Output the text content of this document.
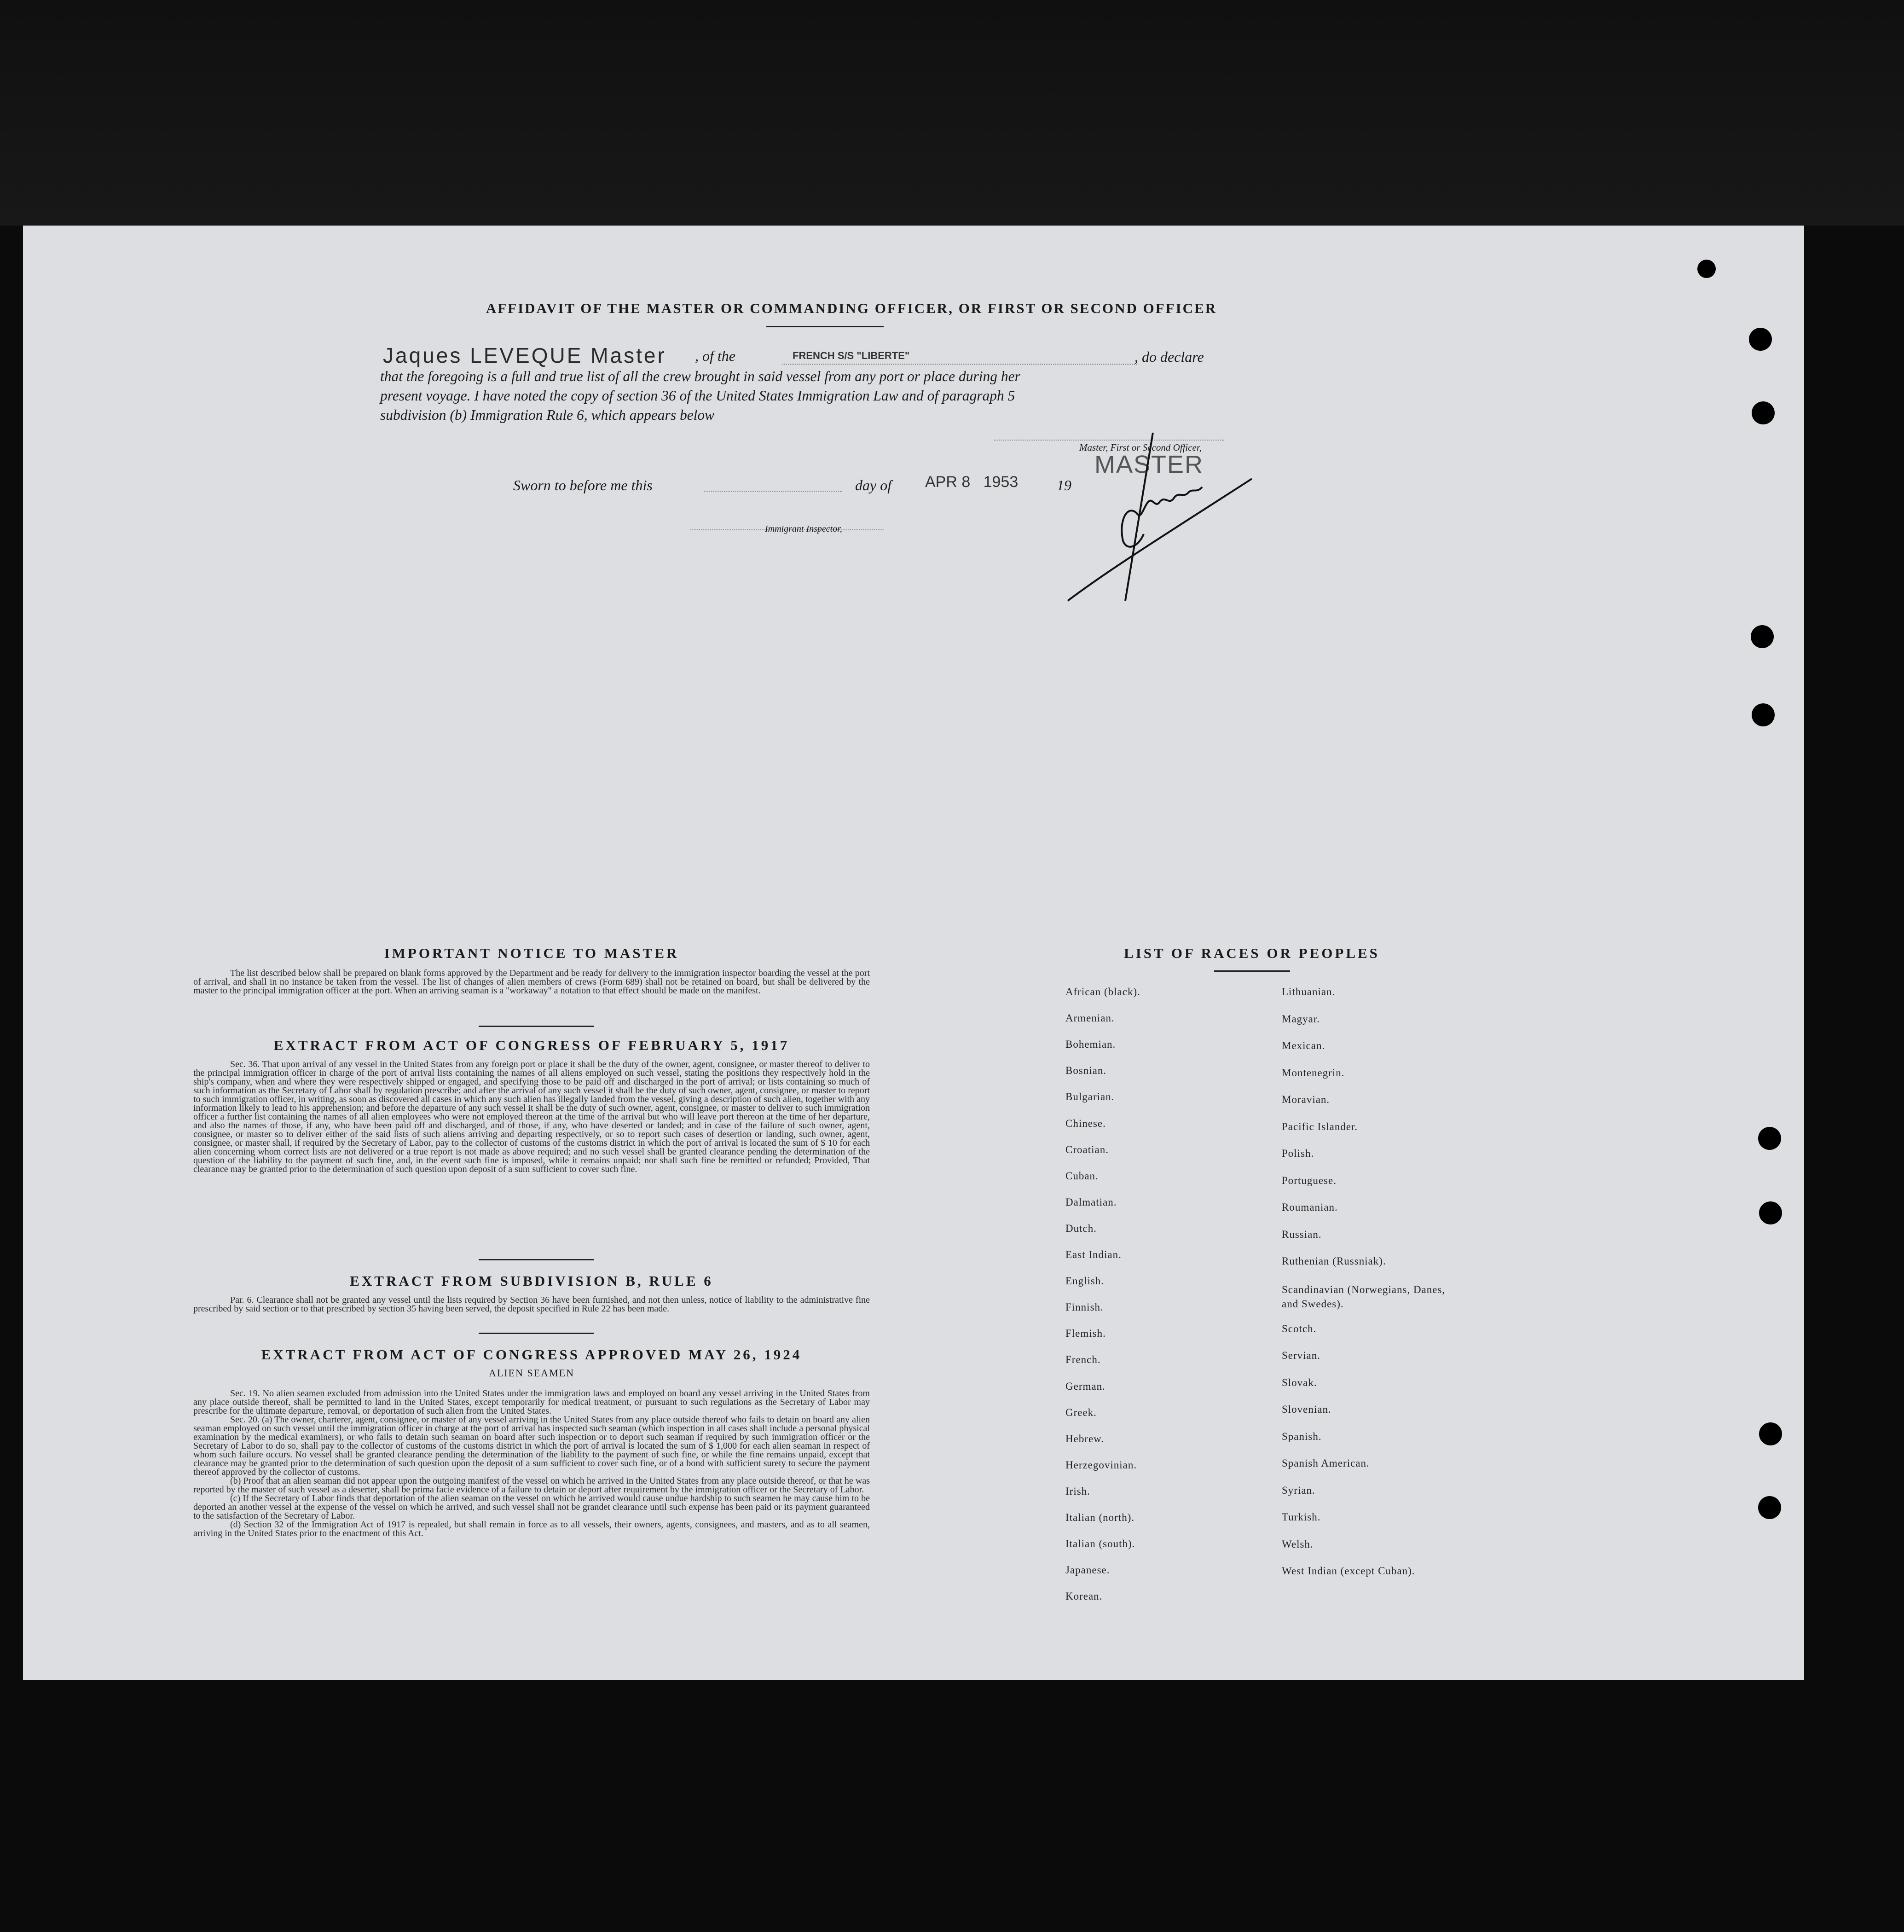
AFFIDAVIT OF THE MASTER OR COMMANDING OFFICER, OR FIRST OR SECOND OFFICER
Jaques LEVEQUE Master , of the	FRENCH S/S "LIBERTE"	, do declare
that the foregoing is a full and true list of all the crew brought in said vessel from any port or place during her
present voyage. I have noted the copy of section 36 of the United States Immigration Law and of paragraph 5
subdivision (b) Immigration Rule 6, which appears below
Master, First or Second Officer,
MASTER
Sworn to before me this	day of APR 8   1953	19
Immigrant Inspector,
IMPORTANT NOTICE TO MASTER

The list described below shall be prepared on blank forms approved by the Department and be ready for delivery to the immigration inspector boarding the vessel at the port of arrival, and shall in no instance be taken from the vessel. The list of changes of alien members of crews (Form 689) shall not be retained on board, but shall be delivered by the master to the principal immigration officer at the port. When an arriving seaman is a "workaway" a notation to that effect should be made on the manifest.

EXTRACT FROM ACT OF CONGRESS OF FEBRUARY 5, 1917

Sec. 36. That upon arrival of any vessel in the United States from any foreign port or place it shall be the duty of the owner, agent, consignee, or master thereof to deliver to the principal immigration officer in charge of the port of arrival lists containing the names of all aliens employed on such vessel, stating the positions they respectively hold in the ship's company, when and where they were respectively shipped or engaged, and specifying those to be paid off and discharged in the port of arrival; or lists containing so much of such information as the Secretary of Labor shall by regulation prescribe; and after the arrival of any such vessel it shall be the duty of such owner, agent, consignee, or master to report to such immigration officer, in writing, as soon as discovered all cases in which any such alien has illegally landed from the vessel, giving a description of such alien, together with any information likely to lead to his apprehension; and before the departure of any such vessel it shall be the duty of such owner, agent, consignee, or master to deliver to such immigration officer a further list containing the names of all alien employees who were not employed thereon at the time of the arrival but who will leave port thereon at the time of her departure, and also the names of those, if any, who have been paid off and discharged, and of those, if any, who have deserted or landed; and in case of the failure of such owner, agent, consignee, or master so to deliver either of the said lists of such aliens arriving and departing respectively, or so to report such cases of desertion or landing, such owner, agent, consignee, or master shall, if required by the Secretary of Labor, pay to the collector of customs of the customs district in which the port of arrival is located the sum of $ 10 for each alien concerning whom correct lists are not delivered or a true report is not made as above required; and no such vessel shall be granted clearance pending the determination of the question of the liability to the payment of such fine, and, in the event such fine is imposed, while it remains unpaid; nor shall such fine be remitted or refunded; Provided, That clearance may be granted prior to the determination of such question upon deposit of a sum sufficient to cover such fine.

EXTRACT FROM SUBDIVISION B, RULE 6

Par. 6. Clearance shall not be granted any vessel until the lists required by Section 36 have been furnished, and not then unless, notice of liability to the administrative fine prescribed by said section or to that prescribed by section 35 having been served, the deposit specified in Rule 22 has been made.

EXTRACT FROM ACT OF CONGRESS APPROVED MAY 26, 1924
ALIEN SEAMEN

Sec. 19. No alien seamen excluded from admission into the United States under the immigration laws and employed on board any vessel arriving in the United States from any place outside thereof, shall be permitted to land in the United States, except temporarily for medical treatment, or pursuant to such regulations as the Secretary of Labor may prescribe for the ultimate departure, removal, or deportation of such alien from the United States.

Sec. 20. (a) The owner, charterer, agent, consignee, or master of any vessel arriving in the United States from any place outside thereof who fails to detain on board any alien seaman employed on such vessel until the immigration officer in charge at the port of arrival has inspected such seaman (which inspection in all cases shall include a personal physical examination by the medical examiners), or who fails to detain such seaman on board after such inspection or to deport such seaman if required by such immigration officer or the Secretary of Labor to do so, shall pay to the collector of customs of the customs district in which the port of arrival is located the sum of $ 1,000 for each alien seaman in respect of whom such failure occurs. No vessel shall be granted clearance pending the determination of the liability to the payment of such fine, or while the fine remains unpaid, except that clearance may be granted prior to the determination of such question upon the deposit of a sum sufficient to cover such fine, or of a bond with sufficient surety to secure the payment thereof approved by the collector of customs.

(b) Proof that an alien seaman did not appear upon the outgoing manifest of the vessel on which he arrived in the United States from any place outside thereof, or that he was reported by the master of such vessel as a deserter, shall be prima facie evidence of a failure to detain or deport after requirement by the immigration officer or the Secretary of Labor.

(c) If the Secretary of Labor finds that deportation of the alien seaman on the vessel on which he arrived would cause undue hardship to such seamen he may cause him to be deported an another vessel at the expense of the vessel on which he arrived, and such vessel shall not be grandet clearance until such expense has been paid or its payment guaranteed to the satisfaction of the Secretary of Labor.

(d) Section 32 of the Immigration Act of 1917 is repealed, but shall remain in force as to all vessels, their owners, agents, consignees, and masters, and as to all seamen, arriving in the United States prior to the enactment of this Act.

LIST OF RACES OR PEOPLES
African (black).
Armenian.
Bohemian.
Bosnian.
Bulgarian.
Chinese.
Croatian.
Cuban.
Dalmatian.
Dutch.
East Indian.
English.
Finnish.
Flemish.
French.
German.
Greek.
Hebrew.
Herzegovinian.
Irish.
Italian (north).
Italian (south).
Japanese.
Korean.
Lithuanian.
Magyar.
Mexican.
Montenegrin.
Moravian.
Pacific Islander.
Polish.
Portuguese.
Roumanian.
Russian.
Ruthenian (Russniak).
Scandinavian (Norwegians, Danes, and Swedes).
Scotch.
Servian.
Slovak.
Slovenian.
Spanish.
Spanish American.
Syrian.
Turkish.
Welsh.
West Indian (except Cuban).
